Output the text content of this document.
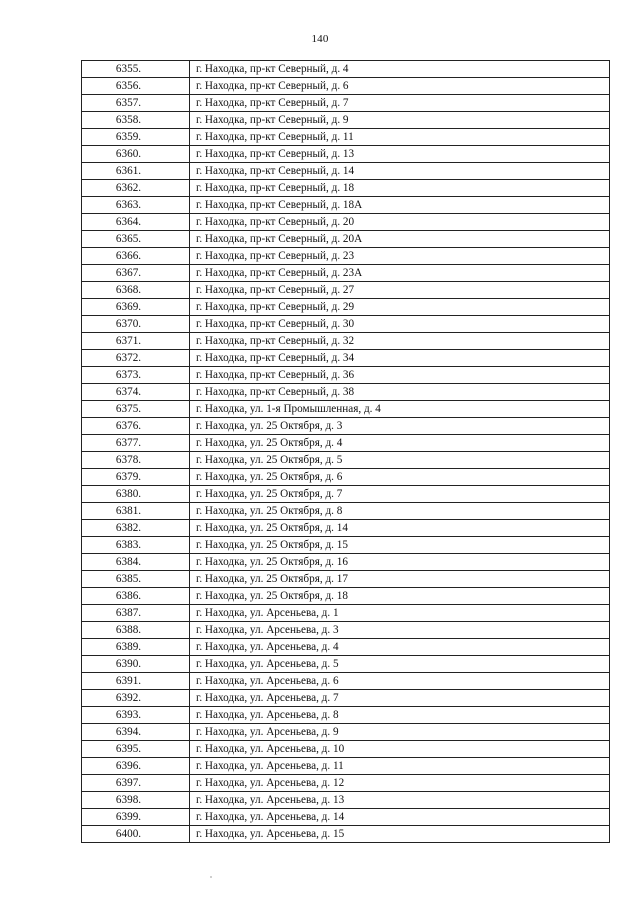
140
6355.	г. Находка, пр-кт Северный, д. 4
6356.	г. Находка, пр-кт Северный, д. 6
6357.	г. Находка, пр-кт Северный, д. 7
6358.	г. Находка, пр-кт Северный, д. 9
6359.	г. Находка, пр-кт Северный, д. 11
6360.	г. Находка, пр-кт Северный, д. 13
6361.	г. Находка, пр-кт Северный, д. 14
6362.	г. Находка, пр-кт Северный, д. 18
6363.	г. Находка, пр-кт Северный, д. 18А
6364.	г. Находка, пр-кт Северный, д. 20
6365.	г. Находка, пр-кт Северный, д. 20А
6366.	г. Находка, пр-кт Северный, д. 23
6367.	г. Находка, пр-кт Северный, д. 23А
6368.	г. Находка, пр-кт Северный, д. 27
6369.	г. Находка, пр-кт Северный, д. 29
6370.	г. Находка, пр-кт Северный, д. 30
6371.	г. Находка, пр-кт Северный, д. 32
6372.	г. Находка, пр-кт Северный, д. 34
6373.	г. Находка, пр-кт Северный, д. 36
6374.	г. Находка, пр-кт Северный, д. 38
6375.	г. Находка, ул. 1-я Промышленная, д. 4
6376.	г. Находка, ул. 25 Октября, д. 3
6377.	г. Находка, ул. 25 Октября, д. 4
6378.	г. Находка, ул. 25 Октября, д. 5
6379.	г. Находка, ул. 25 Октября, д. 6
6380.	г. Находка, ул. 25 Октября, д. 7
6381.	г. Находка, ул. 25 Октября, д. 8
6382.	г. Находка, ул. 25 Октября, д. 14
6383.	г. Находка, ул. 25 Октября, д. 15
6384.	г. Находка, ул. 25 Октября, д. 16
6385.	г. Находка, ул. 25 Октября, д. 17
6386.	г. Находка, ул. 25 Октября, д. 18
6387.	г. Находка, ул. Арсеньева, д. 1
6388.	г. Находка, ул. Арсеньева, д. 3
6389.	г. Находка, ул. Арсеньева, д. 4
6390.	г. Находка, ул. Арсеньева, д. 5
6391.	г. Находка, ул. Арсеньева, д. 6
6392.	г. Находка, ул. Арсеньева, д. 7
6393.	г. Находка, ул. Арсеньева, д. 8
6394.	г. Находка, ул. Арсеньева, д. 9
6395.	г. Находка, ул. Арсеньева, д. 10
6396.	г. Находка, ул. Арсеньева, д. 11
6397.	г. Находка, ул. Арсеньева, д. 12
6398.	г. Находка, ул. Арсеньева, д. 13
6399.	г. Находка, ул. Арсеньева, д. 14
6400.	г. Находка, ул. Арсеньева, д. 15
